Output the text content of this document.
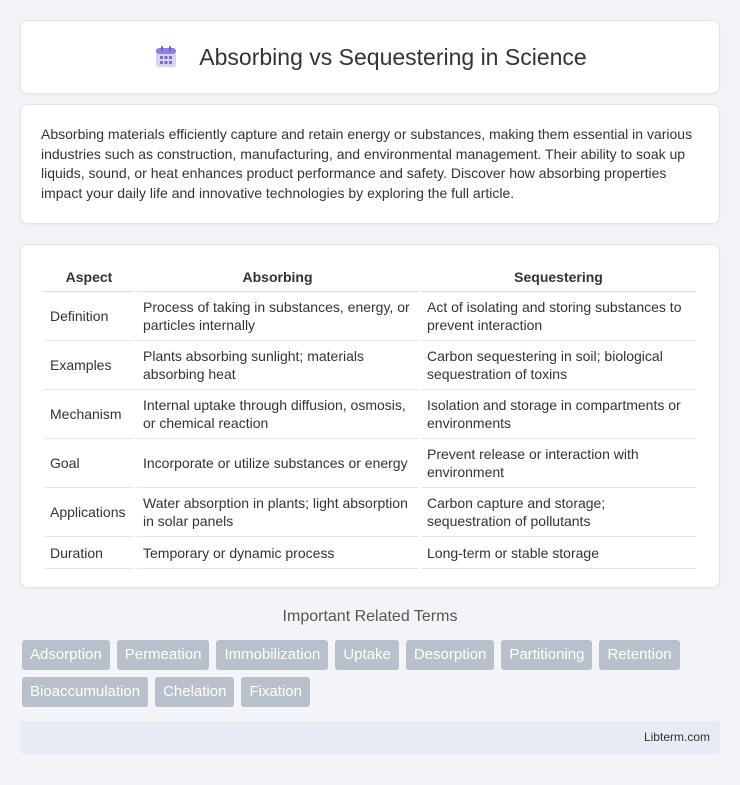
Absorbing vs Sequestering in Science

Absorbing materials efficiently capture and retain energy or substances, making them essential in various industries such as construction, manufacturing, and environmental management. Their ability to soak up liquids, sound, or heat enhances product performance and safety. Discover how absorbing properties impact your daily life and innovative technologies by exploring the full article.

Aspect	Absorbing	Sequestering
Definition	Process of taking in substances, energy, or particles internally	Act of isolating and storing substances to prevent interaction
Examples	Plants absorbing sunlight; materials absorbing heat	Carbon sequestering in soil; biological sequestration of toxins
Mechanism	Internal uptake through diffusion, osmosis, or chemical reaction	Isolation and storage in compartments or environments
Goal	Incorporate or utilize substances or energy	Prevent release or interaction with environment
Applications	Water absorption in plants; light absorption in solar panels	Carbon capture and storage; sequestration of pollutants
Duration	Temporary or dynamic process	Long-term or stable storage
Important Related Terms
Adsorption	Permeation	Immobilization	Uptake	Desorption	Partitioning	Retention
Bioaccumulation	Chelation	Fixation
Libterm.com
